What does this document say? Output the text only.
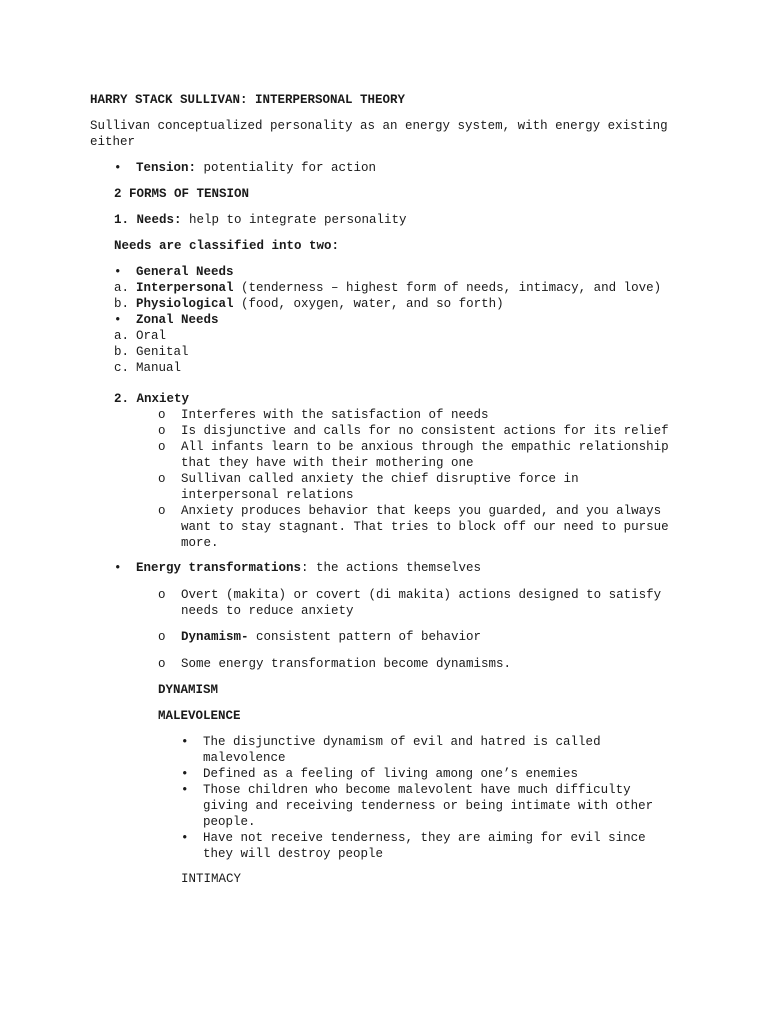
HARRY STACK SULLIVAN: INTERPERSONAL THEORY
Sullivan conceptualized personality as an energy system, with energy existing
either
• Tension: potentiality for action
2 FORMS OF TENSION
1. Needs: help to integrate personality
Needs are classified into two:
• General Needs
a. Interpersonal (tenderness – highest form of needs, intimacy, and love)
b. Physiological (food, oxygen, water, and so forth)
• Zonal Needs
a. Oral
b. Genital
c. Manual
2. Anxiety
o Interferes with the satisfaction of needs
o Is disjunctive and calls for no consistent actions for its relief
o All infants learn to be anxious through the empathic relationship
that they have with their mothering one
o Sullivan called anxiety the chief disruptive force in
interpersonal relations
o Anxiety produces behavior that keeps you guarded, and you always
want to stay stagnant. That tries to block off our need to pursue
more.
• Energy transformations: the actions themselves
o Overt (makita) or covert (di makita) actions designed to satisfy
needs to reduce anxiety
o Dynamism- consistent pattern of behavior
o Some energy transformation become dynamisms.
DYNAMISM
MALEVOLENCE
• The disjunctive dynamism of evil and hatred is called
malevolence
• Defined as a feeling of living among one’s enemies
• Those children who become malevolent have much difficulty
giving and receiving tenderness or being intimate with other
people.
• Have not receive tenderness, they are aiming for evil since
they will destroy people
INTIMACY
